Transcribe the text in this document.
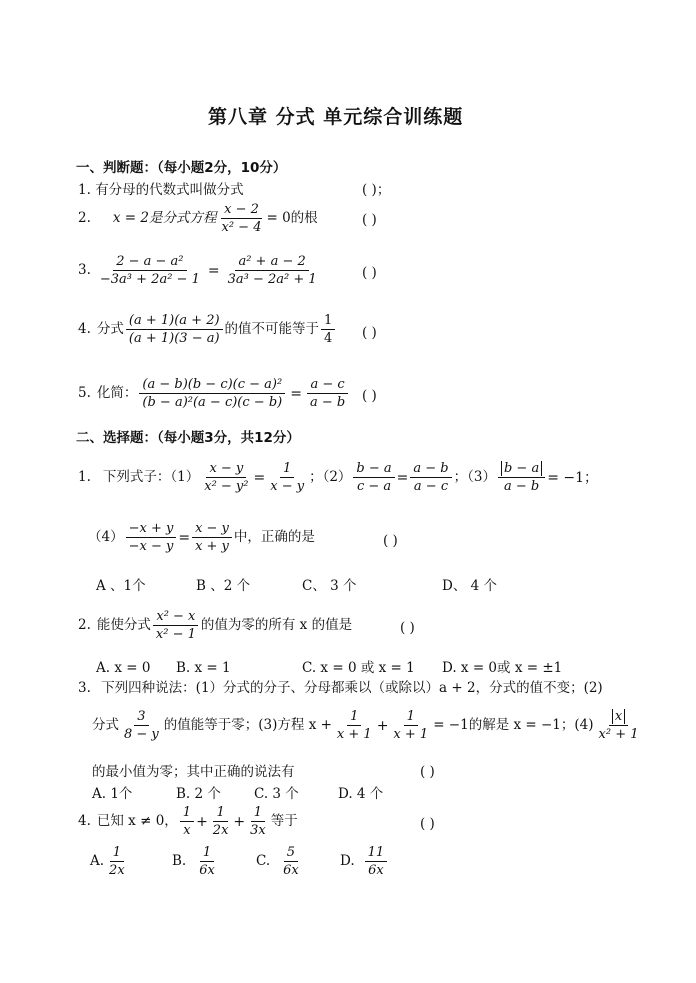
第八章 分式 单元综合训练题
一、判断题：（每小题2分，10分）
1. 有分母的代数式叫做分式	( )；
2. x = 2是分式方程 $\frac{x - 2}{\text{x² − 4}} = 0$的根	( )
3. $\frac{\text{2 − a − a²}}{\text{−3a³ + 2a² − 1}} = \frac{\text{a² + a − 2}}{\text{3a³ − 2a² + 1}}$	( )
4. 分式 $\frac{(a + 1)(a + 2)}{(a + 1)(3 - a)}$ 的值不可能等于 $\frac{1}{4}$ ( )
5. 化简： $\frac{\text{(a − b)(b − c)(c − a)²}}{\text{(b − a)²(a − c)(c − b)}} = \frac{a - c}{a - b}$ ( )
二、选择题：（每小题3分，共12分）
1. 下列式子：$(1) \frac{x - y}{\text{x² − y²}} = \frac{1}{x - y}$ ；$(2) \frac{b - a}{c - a} = \frac{a - b}{a - c}$ ；$(3) \frac{b - a}{a - b} = -1$；
$(4) \frac{-x + y}{-x - y} = \frac{x - y}{x + y}$ 中，正确的是	( )
A 、1个	B 、2 个	C、 3 个	D、 4 个
2. 能使分式 $\frac{\text{x² − x}}{\text{x² − 1}}$ 的值为零的所有 x 的值是	( )
A. x = 0 B. x = 1	C. x = 0 或 x = 1 D. x = 0或 x = ±1
3. 下列四种说法：(1）分式的分子、分母都乘以（或除以）a + 2，分式的值不变；(2)
分式 $\frac{3}{8 - y}$ 的值能等于零；(3)方程 $x + \frac{1}{x + 1} + \frac{1}{x + 1} = -1$的解是 x = −1；$(4) \frac{x}{\text{x² + 1}}$
的最小值为零；其中正确的说法有	( )
A. 1个	B. 2 个 C. 3 个	D. 4 个
4. 已知 x ≠ 0， $\frac{1}{x} + \frac{1}{2x} + \frac{1}{3x}$ 等于	( )
A. $\frac{1}{2x}$	B. $\frac{1}{6x}$	C. $\frac{5}{6x}$	D. $\frac{11}{6x}$
